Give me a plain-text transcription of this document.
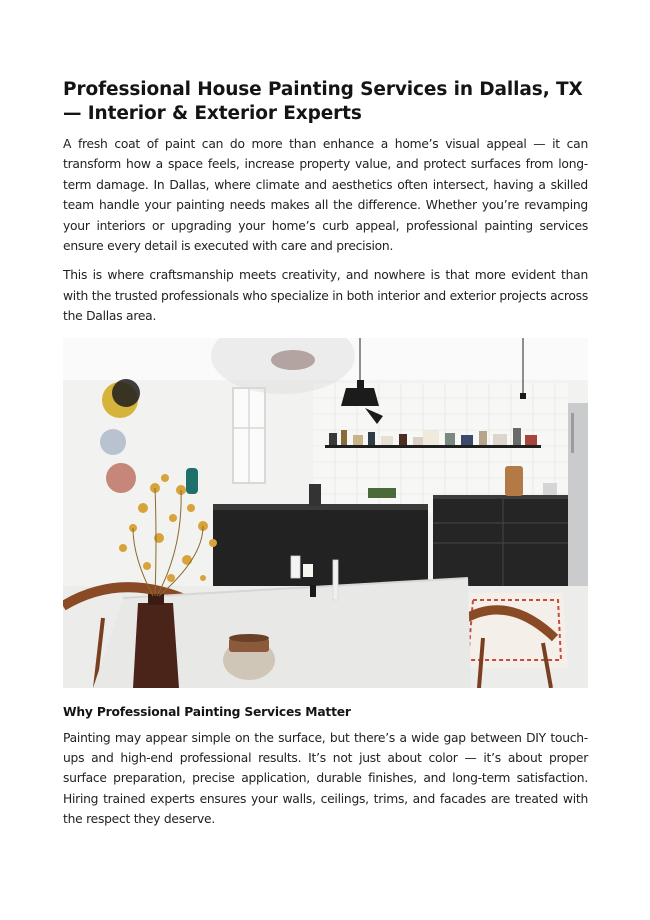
Professional House Painting Services in Dallas, TX — Interior & Exterior Experts

A fresh coat of paint can do more than enhance a home’s visual appeal — it can transform how a space feels, increase property value, and protect surfaces from long-term damage. In Dallas, where climate and aesthetics often intersect, having a skilled team handle your painting needs makes all the difference. Whether you’re revamping your interiors or upgrading your home’s curb appeal, professional painting services ensure every detail is executed with care and precision.

This is where craftsmanship meets creativity, and nowhere is that more evident than with the trusted professionals who specialize in both interior and exterior projects across the Dallas area.

Why Professional Painting Services Matter

Painting may appear simple on the surface, but there’s a wide gap between DIY touch-ups and high-end professional results. It’s not just about color — it’s about proper surface preparation, precise application, durable finishes, and long-term satisfaction. Hiring trained experts ensures your walls, ceilings, trims, and facades are treated with the respect they deserve.
